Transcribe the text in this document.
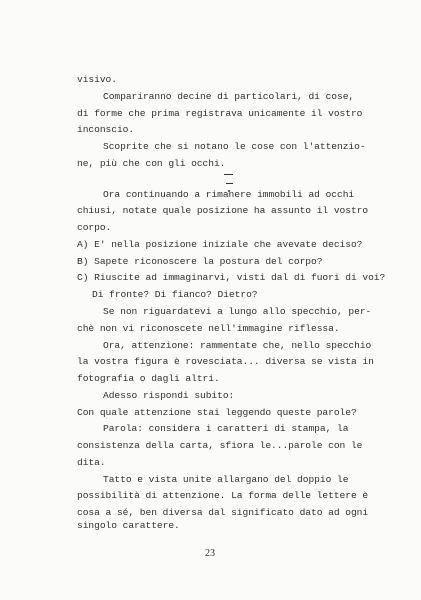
visivo.
Compariranno decine di particolari, di cose,
di forme che prima registrava unicamente il vostro
inconscio.
Scoprite che si notano le cose con l'attenzio-
ne, più che con gli occhi.
Ora continuando a rimanere immobili ad occhi
chiusi, notate quale posizione ha assunto il vostro
corpo.
A) E' nella posizione iniziale che avevate deciso?
B) Sapete riconoscere la postura del corpo?
C) Riuscite ad immaginarvi, visti dal di fuori di voi?
Di fronte? Di fianco? Dietro?
Se non riguardatevi a lungo allo specchio, per-
chè non vi riconoscete nell'immagine riflessa.
Ora, attenzione: rammentate che, nello specchio
la vostra figura è rovesciata... diversa se vista in
fotografia o dagli altri.
Adesso rispondi subito:
Con quale attenzione stai leggendo queste parole?
Parola: considera i caratteri di stampa, la
consistenza della carta, sfiora le...parole con le
dita.
Tatto e vista unite allargano del doppio le
possibilità di attenzione. La forma delle lettere è
cosa a sé, ben diversa dal significato dato ad ogni
singolo carattere.
23
